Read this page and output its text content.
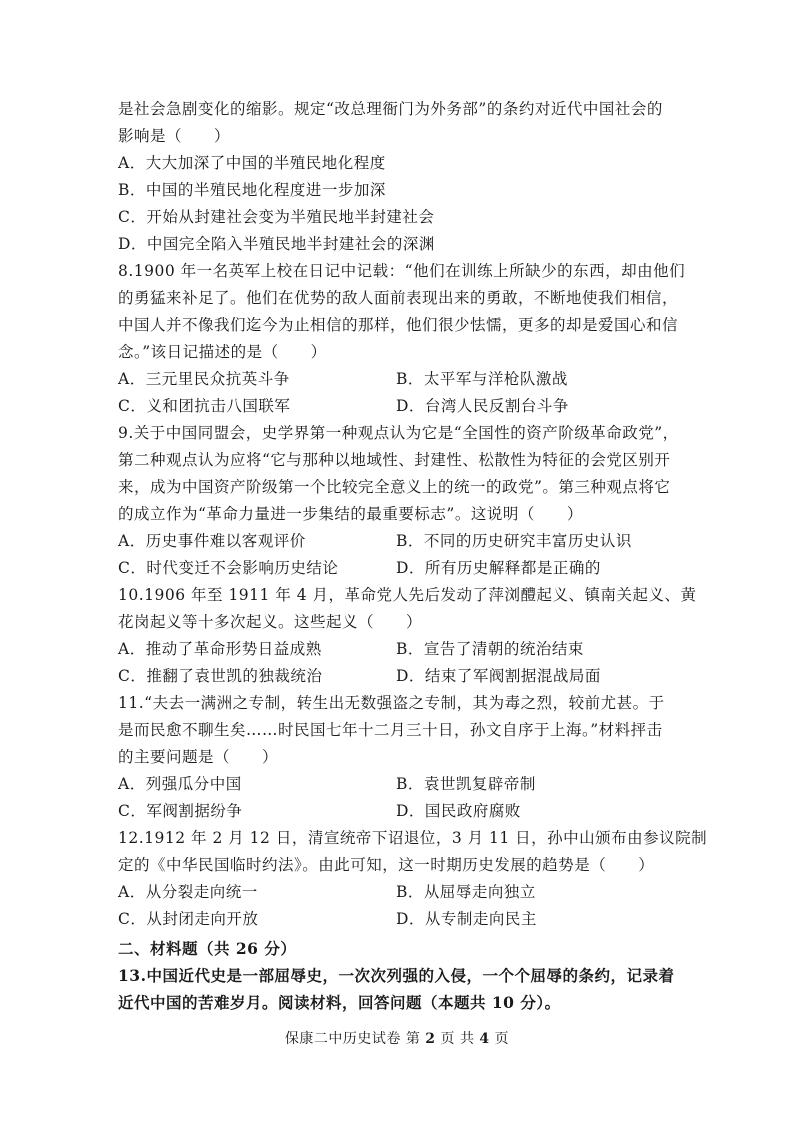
是社会急剧变化的缩影。规定“改总理衙门为外务部”的条约对近代中国社会的
影响是（　　）
A．大大加深了中国的半殖民地化程度
B．中国的半殖民地化程度进一步加深
C．开始从封建社会变为半殖民地半封建社会
D．中国完全陷入半殖民地半封建社会的深渊
8.1900 年一名英军上校在日记中记载：“他们在训练上所缺少的东西，却由他们
的勇猛来补足了。他们在优势的敌人面前表现出来的勇敢，不断地使我们相信，
中国人并不像我们迄今为止相信的那样，他们很少怯懦，更多的却是爱国心和信
念。”该日记描述的是（　　）
A．三元里民众抗英斗争	B．太平军与洋枪队激战
C．义和团抗击八国联军	D．台湾人民反割台斗争
9.关于中国同盟会，史学界第一种观点认为它是“全国性的资产阶级革命政党”，
第二种观点认为应将“它与那种以地域性、封建性、松散性为特征的会党区别开
来，成为中国资产阶级第一个比较完全意义上的统一的政党”。第三种观点将它
的成立作为“革命力量进一步集结的最重要标志”。这说明（　　）
A．历史事件难以客观评价	B．不同的历史研究丰富历史认识
C．时代变迁不会影响历史结论	D．所有历史解释都是正确的
10.1906 年至 1911 年 4 月，革命党人先后发动了萍浏醴起义、镇南关起义、黄
花岗起义等十多次起义。这些起义（　　）
A．推动了革命形势日益成熟	B．宣告了清朝的统治结束
C．推翻了袁世凯的独裁统治	D．结束了军阀割据混战局面
11.“夫去一满洲之专制，转生出无数强盗之专制，其为毒之烈，较前尤甚。于
是而民愈不聊生矣……时民国七年十二月三十日，孙文自序于上海。”材料抨击
的主要问题是（　　）
A．列强瓜分中国	B．袁世凯复辟帝制
C．军阀割据纷争	D．国民政府腐败
12.1912 年 2 月 12 日，清宣统帝下诏退位，3 月 11 日，孙中山颁布由参议院制
定的《中华民国临时约法》。由此可知，这一时期历史发展的趋势是（　　）
A．从分裂走向统一	B．从屈辱走向独立
C．从封闭走向开放	D．从专制走向民主
二、材料题（共 26 分）
13.中国近代史是一部屈辱史，一次次列强的入侵，一个个屈辱的条约，记录着
近代中国的苦难岁月。阅读材料，回答问题（本题共 10 分）。
保康二中历史试卷 第 2 页 共 4 页
